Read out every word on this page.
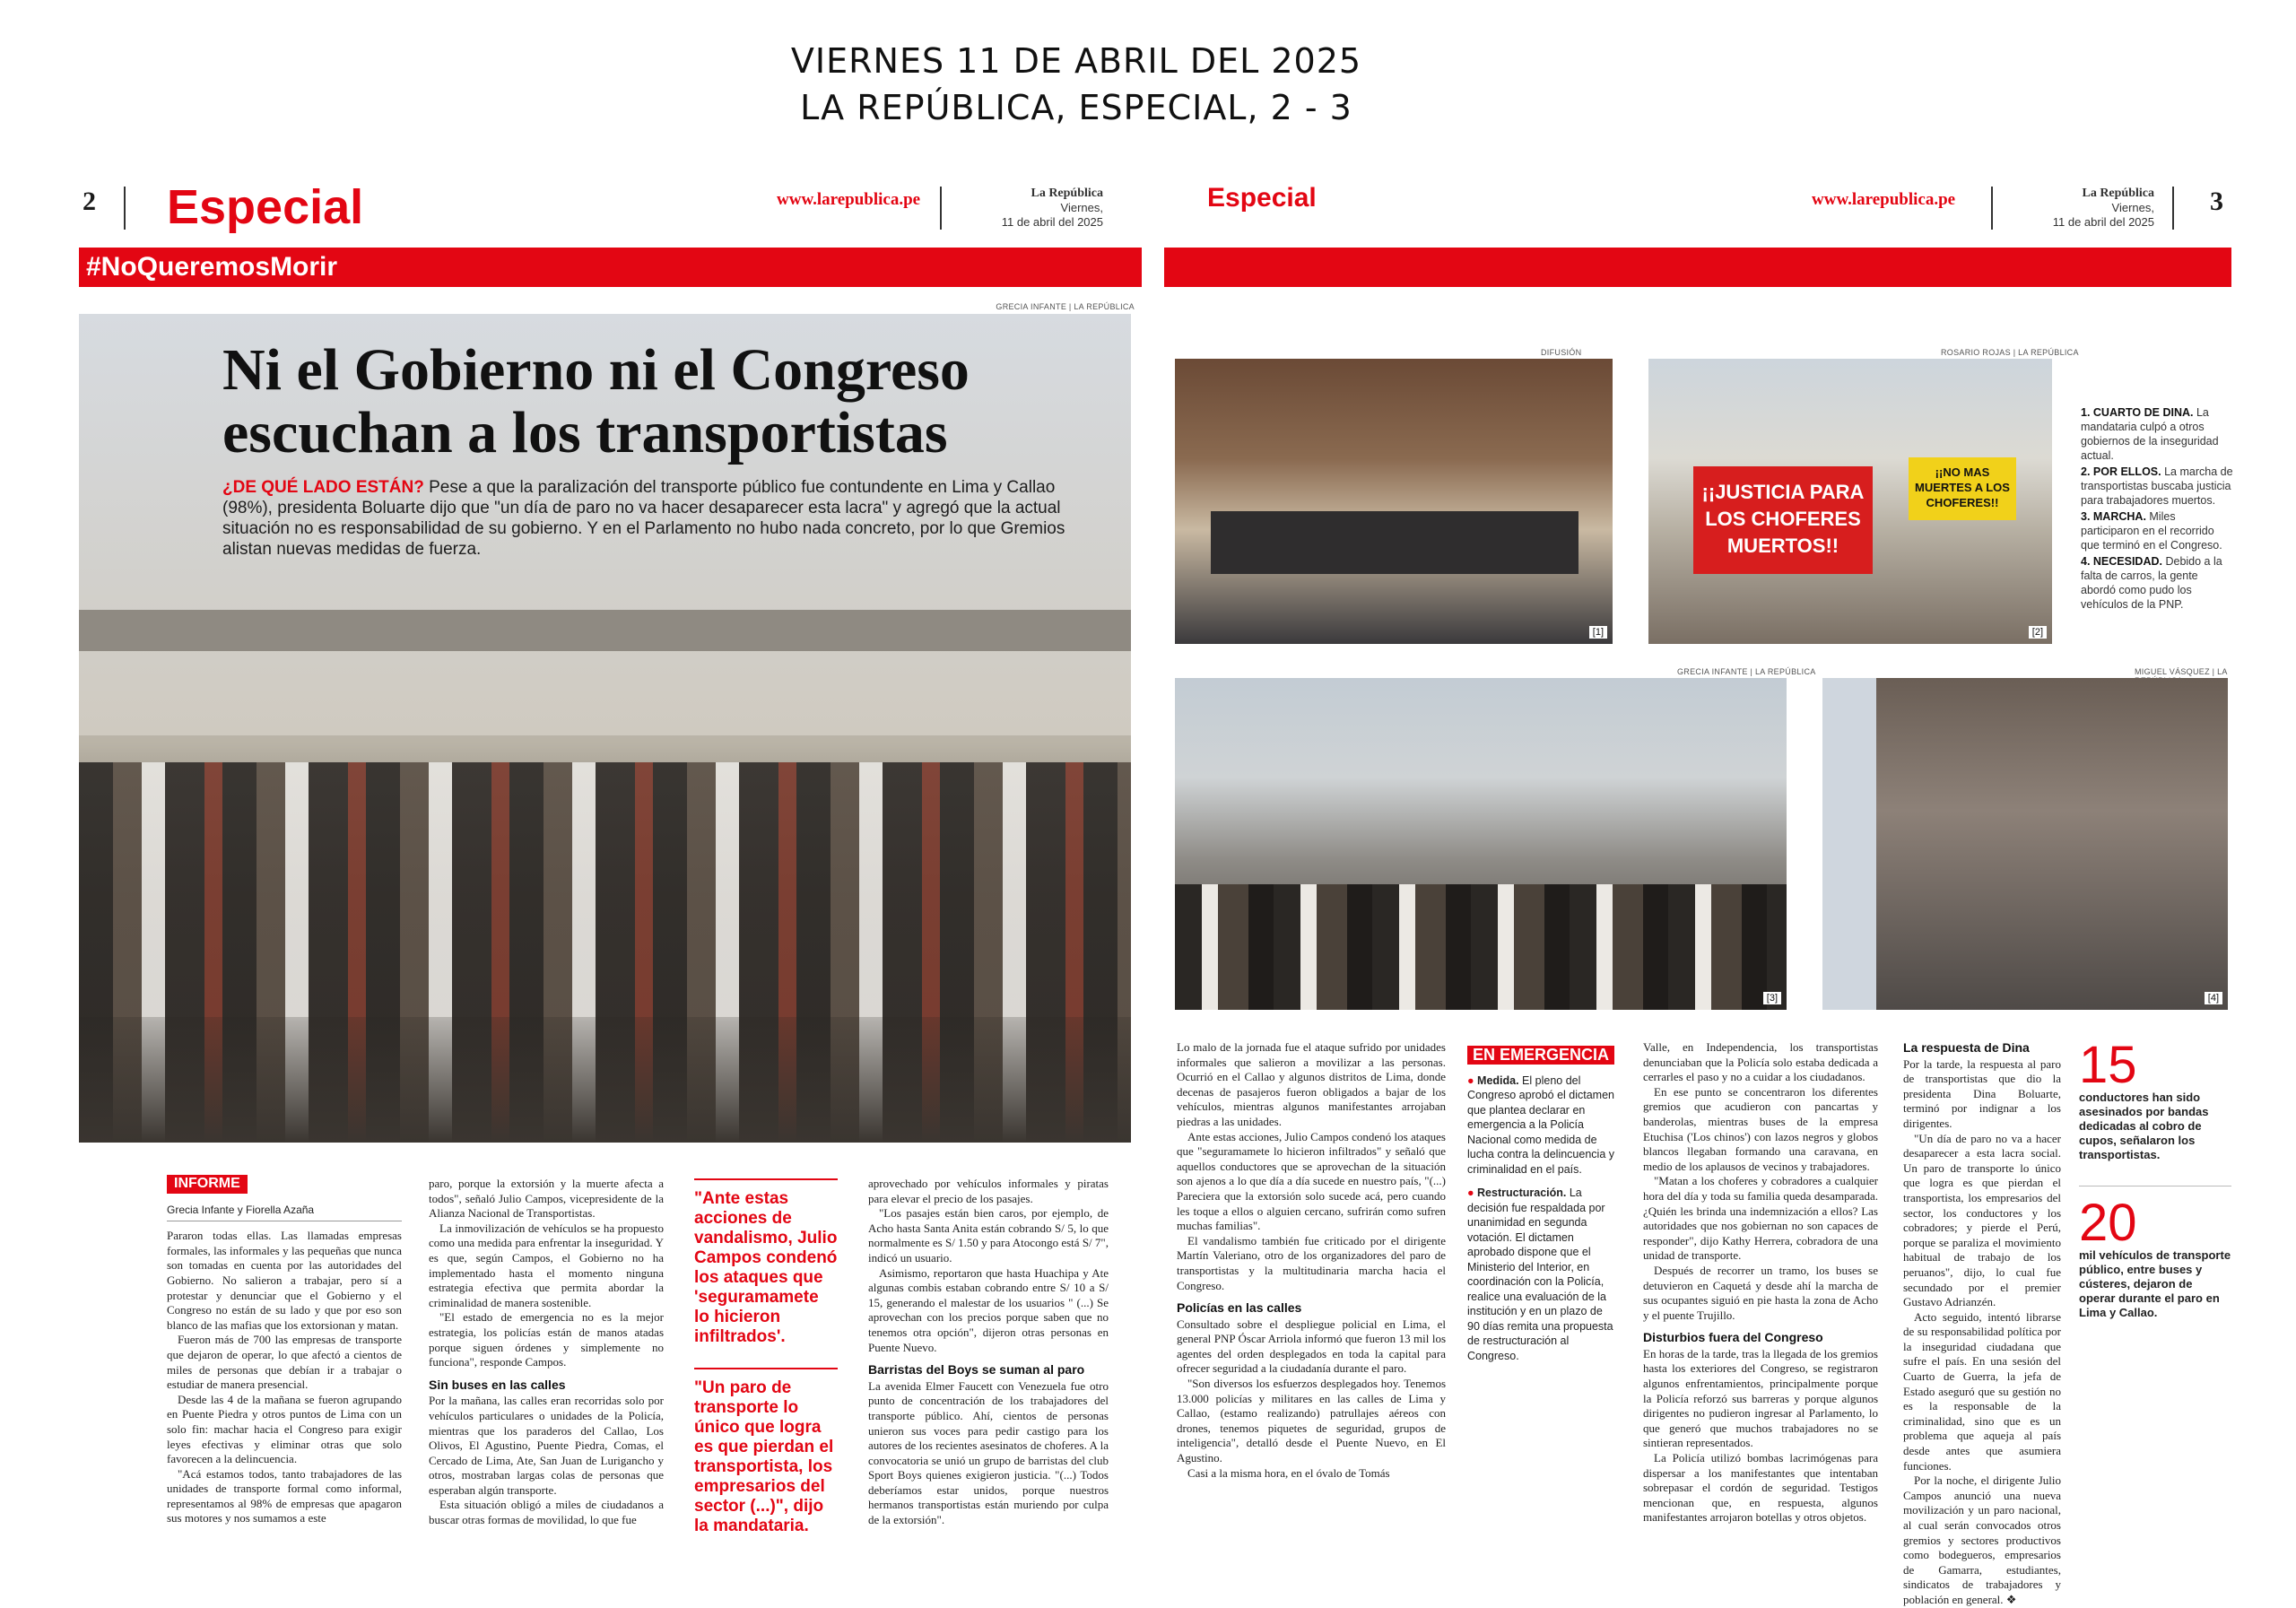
VIERNES 11 DE ABRIL DEL 2025
LA REPÚBLICA, ESPECIAL, 2 - 3
2 Especial	www.larepublica.pe	La República
Viernes,
11 de abril del 2025
#NoQueremosMorir
GRECIA INFANTE | LA REPÚBLICA
Ni el Gobierno ni el Congreso escuchan a los transportistas

¿DE QUÉ LADO ESTÁN? Pese a que la paralización del transporte público fue contundente en Lima y Callao (98%), presidenta Boluarte dijo que "un día de paro no va hacer desaparecer esta lacra" y agregó que la actual situación no es responsabilidad de su gobierno. Y en el Parlamento no hubo nada concreto, por lo que Gremios alistan nuevas medidas de fuerza.

INFORME
Grecia Infante y Fiorella Azaña

Pararon todas ellas. Las llamadas empresas formales, las informales y las pequeñas que nunca son tomadas en cuenta por las autoridades del Gobierno. No salieron a trabajar, pero sí a protestar y denunciar que el Gobierno y el Congreso no están de su lado y que por eso son blanco de las mafias que los extorsionan y matan.

Fueron más de 700 las empresas de transporte que dejaron de operar, lo que afectó a cientos de miles de personas que debían ir a trabajar o estudiar de manera presencial.

Desde las 4 de la mañana se fueron agrupando en Puente Piedra y otros puntos de Lima con un solo fin: machar hacia el Congreso para exigir leyes efectivas y eliminar otras que solo favorecen a la delincuencia.

"Acá estamos todos, tanto trabajadores de las unidades de transporte formal como informal, representamos al 98% de empresas que apagaron sus motores y nos sumamos a este

paro, porque la extorsión y la muerte afecta a todos", señaló Julio Campos, vicepresidente de la Alianza Nacional de Transportistas.

La inmovilización de vehículos se ha propuesto como una medida para enfrentar la inseguridad. Y es que, según Campos, el Gobierno no ha implementado hasta el momento ninguna estrategia efectiva que permita abordar la criminalidad de manera sostenible.

"El estado de emergencia no es la mejor estrategia, los policías están de manos atadas porque siguen órdenes y simplemente no funciona", responde Campos.

Sin buses en las calles

Por la mañana, las calles eran recorridas solo por vehículos particulares o unidades de la Policía, mientras que los paraderos del Callao, Los Olivos, El Agustino, Puente Piedra, Comas, el Cercado de Lima, Ate, San Juan de Lurigancho y otros, mostraban largas colas de personas que esperaban algún transporte.

Esta situación obligó a miles de ciudadanos a buscar otras formas de movilidad, lo que fue

"Ante estas acciones de vandalismo, Julio Campos condenó los ataques que 'seguramamete lo hicieron infiltrados'.
"Un paro de transporte lo único que logra es que pierdan el transportista, los empresarios del sector (...)", dijo la mandataria.

aprovechado por vehículos informales y piratas para elevar el precio de los pasajes.

"Los pasajes están bien caros, por ejemplo, de Acho hasta Santa Anita están cobrando S/ 5, lo que normalmente es S/ 1.50 y para Atocongo está S/ 7", indicó un usuario.

Asimismo, reportaron que hasta Huachipa y Ate algunas combis estaban cobrando entre S/ 10 a S/ 15, generando el malestar de los usuarios " (...) Se aprovechan con los precios porque saben que no tenemos otra opción", dijeron otras personas en Puente Nuevo.

Barristas del Boys se suman al paro

La avenida Elmer Faucett con Venezuela fue otro punto de concentración de los trabajadores del transporte público. Ahí, cientos de personas unieron sus voces para pedir castigo para los autores de los recientes asesinatos de choferes. A la convocatoria se unió un grupo de barristas del club Sport Boys quienes exigieron justicia. "(...) Todos deberíamos estar unidos, porque nuestros hermanos transportistas están muriendo por culpa de la extorsión".

Especial	www.larepublica.pe	La República
Viernes,
11 de abril del 2025
3
DIFUSIÓN	ROSARIO ROJAS | LA REPÚBLICA
GRECIA INFANTE | LA REPÚBLICA	MIGUEL VÁSQUEZ | LA
[1]
¡¡JUSTICIA PARA LOS CHOFERES MUERTOS!!
¡¡NO MAS MUERTES A LOS CHOFERES!!
[2]
[3]	[4]
1. CUARTO DE DINA. La mandataria culpó a otros gobiernos de la inseguridad actual.
2. POR ELLOS. La marcha de transportistas buscaba justicia para trabajadores muertos.
3. MARCHA. Miles participaron en el recorrido que terminó en el Congreso.
4. NECESIDAD. Debido a la falta de carros, la gente abordó como pudo los vehículos de la PNP.

Lo malo de la jornada fue el ataque sufrido por unidades informales que salieron a movilizar a las personas. Ocurrió en el Callao y algunos distritos de Lima, donde decenas de pasajeros fueron obligados a bajar de los vehículos, mientras algunos manifestantes arrojaban piedras a las unidades.

Ante estas acciones, Julio Campos condenó los ataques que "seguramamete lo hicieron infiltrados" y señaló que aquellos conductores que se aprovechan de la situación son ajenos a lo que día a día sucede en nuestro país, "(...) Pareciera que la extorsión solo sucede acá, pero cuando les toque a ellos o alguien cercano, sufrirán como sufren muchas familias".

El vandalismo también fue criticado por el dirigente Martín Valeriano, otro de los organizadores del paro de transportistas y la multitudinaria marcha hacia el Congreso.

Policías en las calles

Consultado sobre el despliegue policial en Lima, el general PNP Óscar Arriola informó que fueron 13 mil los agentes del orden desplegados en toda la capital para ofrecer seguridad a la ciudadanía durante el paro.

"Son diversos los esfuerzos desplegados hoy. Tenemos 13.000 policías y militares en las calles de Lima y Callao, (estamo realizando) patrullajes aéreos con drones, tenemos piquetes de seguridad, grupos de inteligencia", detalló desde el Puente Nuevo, en El Agustino.

Casi a la misma hora, en el óvalo de Tomás

EN EMERGENCIA

● Medida. El pleno del Congreso aprobó el dictamen que plantea declarar en emergencia a la Policía Nacional como medida de lucha contra la delincuencia y criminalidad en el país.

● Restructuración. La decisión fue respaldada por unanimidad en segunda votación. El dictamen aprobado dispone que el Ministerio del Interior, en coordinación con la Policía, realice una evaluación de la institución y en un plazo de 90 días remita una propuesta de restructuración al Congreso.

Valle, en Independencia, los transportistas denunciaban que la Policía solo estaba dedicada a cerrarles el paso y no a cuidar a los ciudadanos.

En ese punto se concentraron los diferentes gremios que acudieron con pancartas y banderolas, mientras buses de la empresa Etuchisa ('Los chinos') con lazos negros y globos blancos llegaban formando una caravana, en medio de los aplausos de vecinos y trabajadores.

"Matan a los choferes y cobradores a cualquier hora del día y toda su familia queda desamparada. ¿Quién les brinda una indemnización a ellos? Las autoridades que nos gobiernan no son capaces de responder", dijo Kathy Herrera, cobradora de una unidad de transporte.

Después de recorrer un tramo, los buses se detuvieron en Caquetá y desde ahí la marcha de sus ocupantes siguió en pie hasta la zona de Acho y el puente Trujillo.

Disturbios fuera del Congreso

En horas de la tarde, tras la llegada de los gremios hasta los exteriores del Congreso, se registraron algunos enfrentamientos, principalmente porque la Policía reforzó sus barreras y porque algunos dirigentes no pudieron ingresar al Parlamento, lo que generó que muchos trabajadores no se sintieran representados.

La Policía utilizó bombas lacrimógenas para dispersar a los manifestantes que intentaban sobrepasar el cordón de seguridad. Testigos mencionan que, en respuesta, algunos manifestantes arrojaron botellas y otros objetos.

La respuesta de Dina

Por la tarde, la respuesta al paro de transportistas que dio la presidenta Dina Boluarte, terminó por indignar a los dirigentes.

"Un día de paro no va a hacer desaparecer a esta lacra social. Un paro de transporte lo único que logra es que pierdan el transportista, los empresarios del sector, los conductores y los cobradores; y pierde el Perú, porque se paraliza el movimiento habitual de trabajo de los peruanos", dijo, lo cual fue secundado por el premier Gustavo Adrianzén.

Acto seguido, intentó librarse de su responsabilidad política por la inseguridad ciudadana que sufre el país. En una sesión del Cuarto de Guerra, la jefa de Estado aseguró que su gestión no es la responsable de la criminalidad, sino que es un problema que aqueja al país desde antes que asumiera funciones.

Por la noche, el dirigente Julio Campos anunció una nueva movilización y un paro nacional, al cual serán convocados otros gremios y sectores productivos como bodegueros, empresarios de Gamarra, estudiantes, sindicatos de trabajadores y población en general. ❖

15
conductores han sido asesinados por bandas dedicadas al cobro de cupos, señalaron los transportistas.
20
mil vehículos de transporte público, entre buses y cústeres, dejaron de operar durante el paro en Lima y Callao.
